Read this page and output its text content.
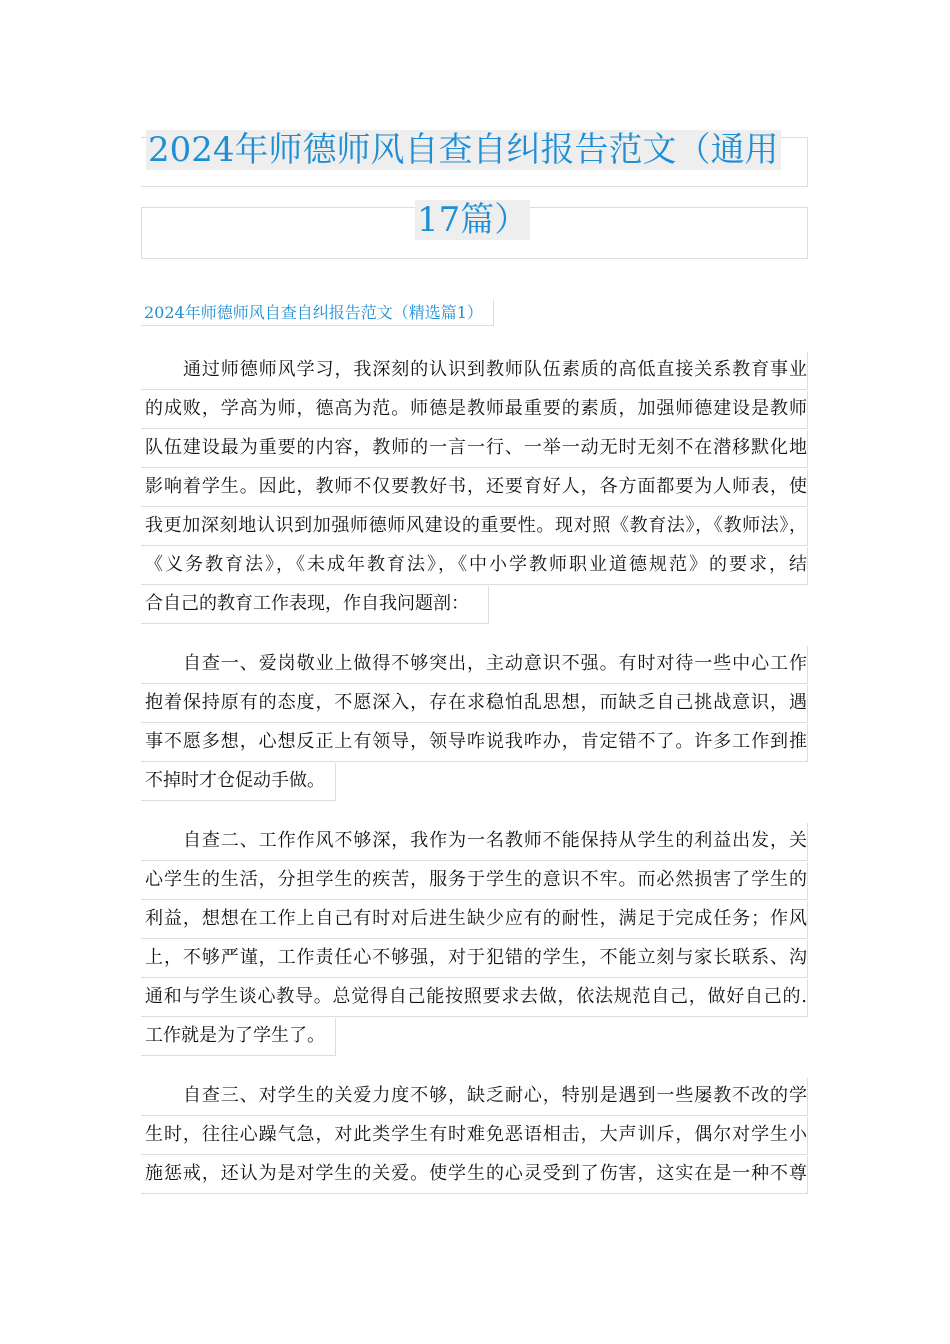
2024年师德师风自查自纠报告范文（通用
17篇）
2024年师德师风自查自纠报告范文（精选篇1）
通过师德师风学习，我深刻的认识到教师队伍素质的高低直接关系教育事业
的成败，学高为师，德高为范。师德是教师最重要的素质，加强师德建设是教师
队伍建设最为重要的内容，教师的一言一行、一举一动无时无刻不在潜移默化地
影响着学生。因此，教师不仅要教好书，还要育好人，各方面都要为人师表，使
我更加深刻地认识到加强师德师风建设的重要性。现对照《教育法》，《教师法》，
《义务教育法》，《未成年教育法》，《中小学教师职业道德规范》的要求，结
合自己的教育工作表现，作自我问题剖：
自查一、爱岗敬业上做得不够突出，主动意识不强。有时对待一些中心工作
抱着保持原有的态度，不愿深入，存在求稳怕乱思想，而缺乏自己挑战意识，遇
事不愿多想，心想反正上有领导，领导咋说我咋办，肯定错不了。许多工作到推
不掉时才仓促动手做。
自查二、工作作风不够深，我作为一名教师不能保持从学生的利益出发，关
心学生的生活，分担学生的疾苦，服务于学生的意识不牢。而必然损害了学生的
利益，想想在工作上自己有时对后进生缺少应有的耐性，满足于完成任务；作风
上，不够严谨，工作责任心不够强，对于犯错的学生，不能立刻与家长联系、沟
通和与学生谈心教导。总觉得自己能按照要求去做，依法规范自己，做好自己的.
工作就是为了学生了。
自查三、对学生的关爱力度不够，缺乏耐心，特别是遇到一些屡教不改的学
生时，往往心躁气急，对此类学生有时难免恶语相击，大声训斥，偶尔对学生小
施惩戒，还认为是对学生的关爱。使学生的心灵受到了伤害，这实在是一种不尊
